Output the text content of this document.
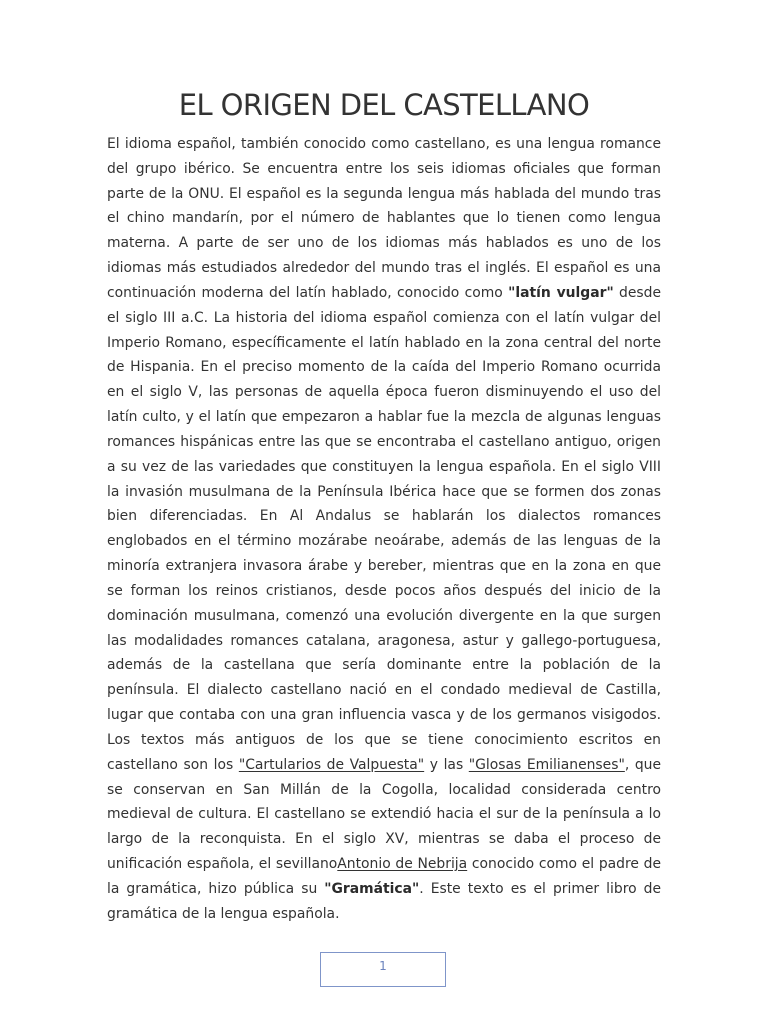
EL ORIGEN DEL CASTELLANO

El idioma español, también conocido como castellano, es una lengua romance del grupo ibérico. Se encuentra entre los seis idiomas oficiales que forman parte de la ONU. El español es la segunda lengua más hablada del mundo tras el chino mandarín, por el número de hablantes que lo tienen como lengua materna. A parte de ser uno de los idiomas más hablados es uno de los idiomas más estudiados alrededor del mundo tras el inglés. El español es una continuación moderna del latín hablado, conocido como "latín vulgar" desde el siglo III a.C. La historia del idioma español comienza con el latín vulgar del Imperio Romano, específicamente el latín hablado en la zona central del norte de Hispania. En el preciso momento de la caída del Imperio Romano ocurrida en el siglo V, las personas de aquella época fueron disminuyendo el uso del latín culto, y el latín que empezaron a hablar fue la mezcla de algunas lenguas romances hispánicas entre las que se encontraba el castellano antiguo, origen a su vez de las variedades que constituyen la lengua española. En el siglo VIII la invasión musulmana de la Península Ibérica hace que se formen dos zonas bien diferenciadas. En Al Andalus se hablarán los dialectos romances englobados en el término mozárabe neoárabe, además de las lenguas de la minoría extranjera invasora árabe y bereber, mientras que en la zona en que se forman los reinos cristianos, desde pocos años después del inicio de la dominación musulmana, comenzó una evolución divergente en la que surgen las modalidades romances catalana, aragonesa, astur y gallego-portuguesa, además de la castellana que sería dominante entre la población de la península. El dialecto castellano nació en el condado medieval de Castilla, lugar que contaba con una gran influencia vasca y de los germanos visigodos. Los textos más antiguos de los que se tiene conocimiento escritos en castellano son los "Cartularios de Valpuesta" y las "Glosas Emilianenses", que se conservan en San Millán de la Cogolla, localidad considerada centro medieval de cultura. El castellano se extendió hacia el sur de la península a lo largo de la reconquista. En el siglo XV, mientras se daba el proceso de unificación española, el sevillanoAntonio de Nebrija conocido como el padre de la gramática, hizo pública su "Gramática". Este texto es el primer libro de gramática de la lengua española.

1
